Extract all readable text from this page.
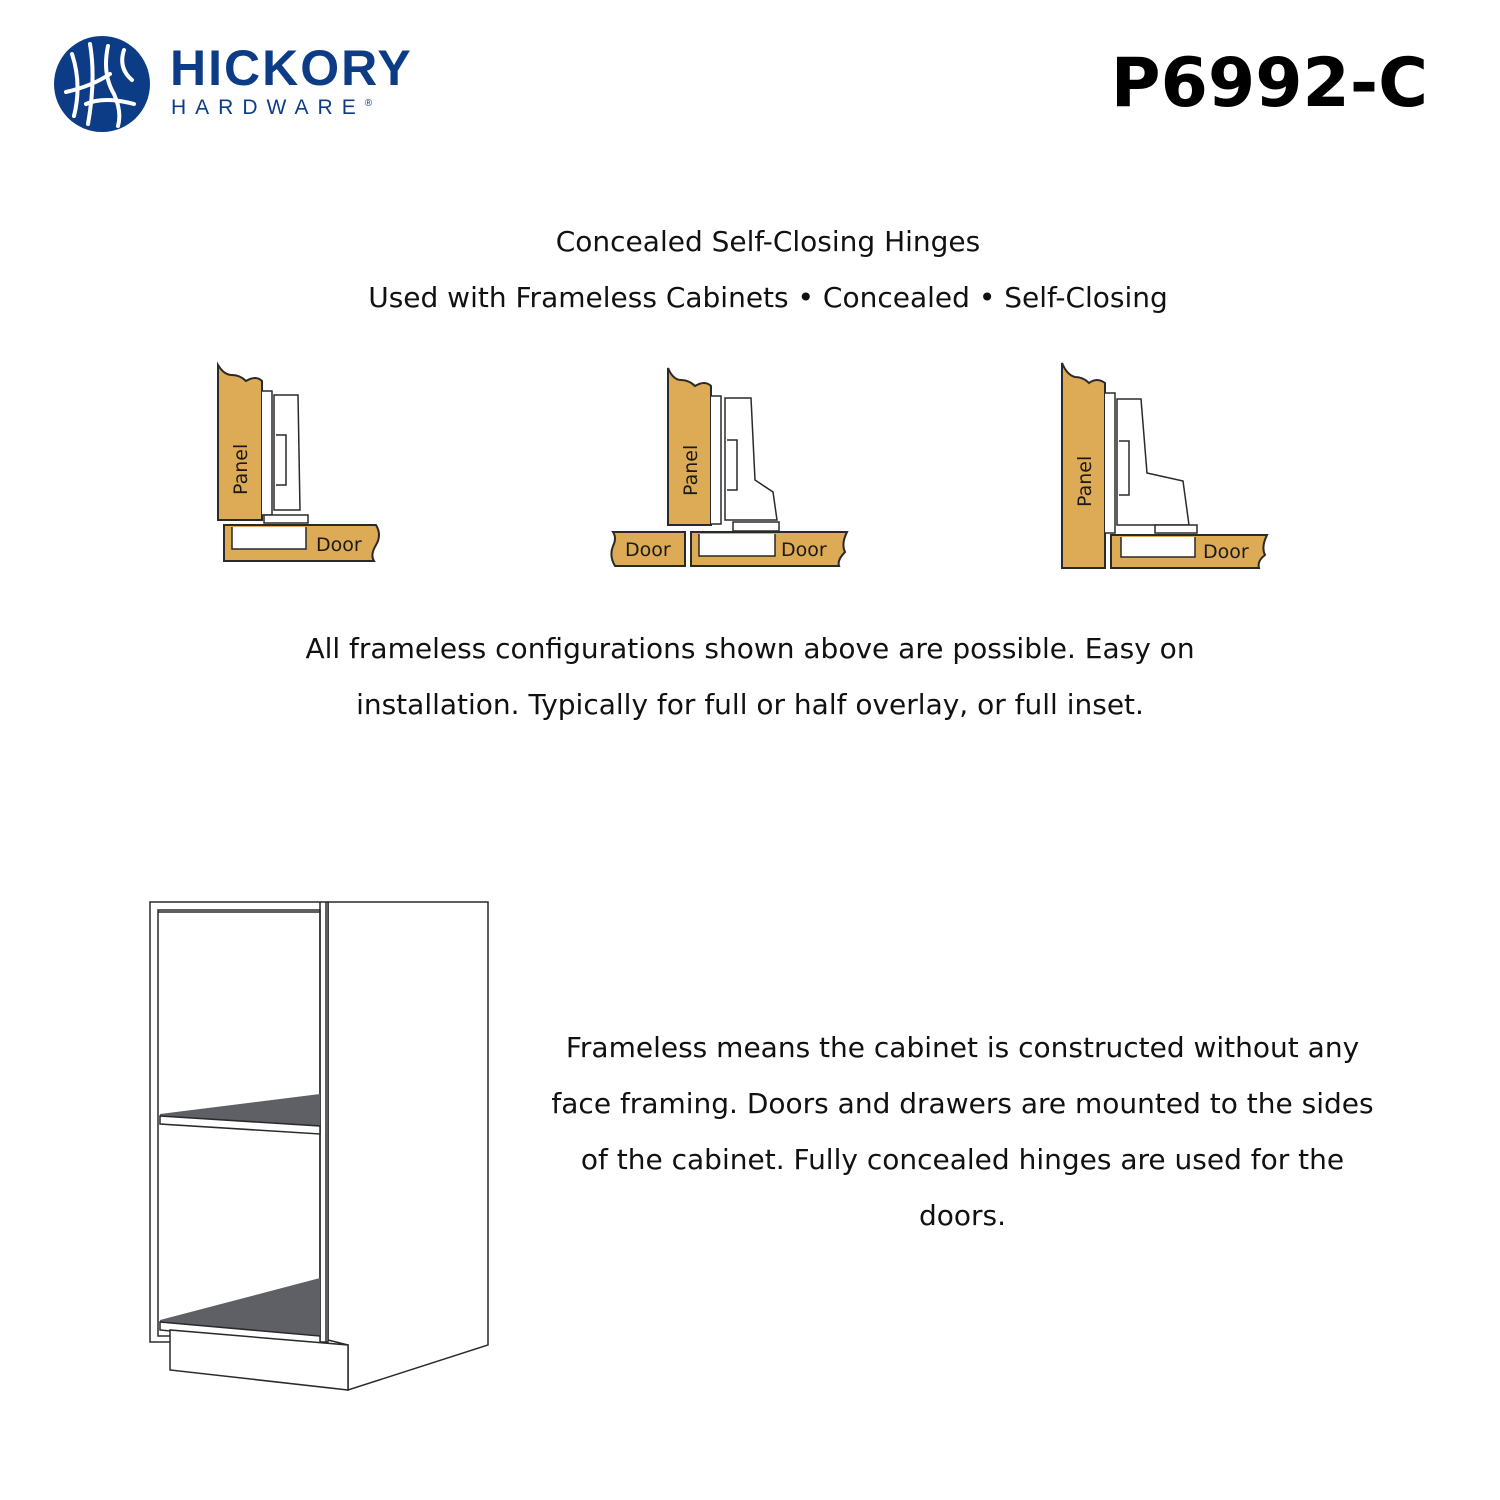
HICKORY
HARDWARE®	P6992-C
Concealed Self-Closing Hinges
Used with Frameless Cabinets • Concealed • Self-Closing
Panel
Door
Panel
Door	Door
Panel
Door
All frameless configurations shown above are possible. Easy on
installation. Typically for full or half overlay, or full inset.
Frameless means the cabinet is constructed without any face framing. Doors and drawers are mounted to the sides of the cabinet. Fully concealed hinges are used for the doors.
